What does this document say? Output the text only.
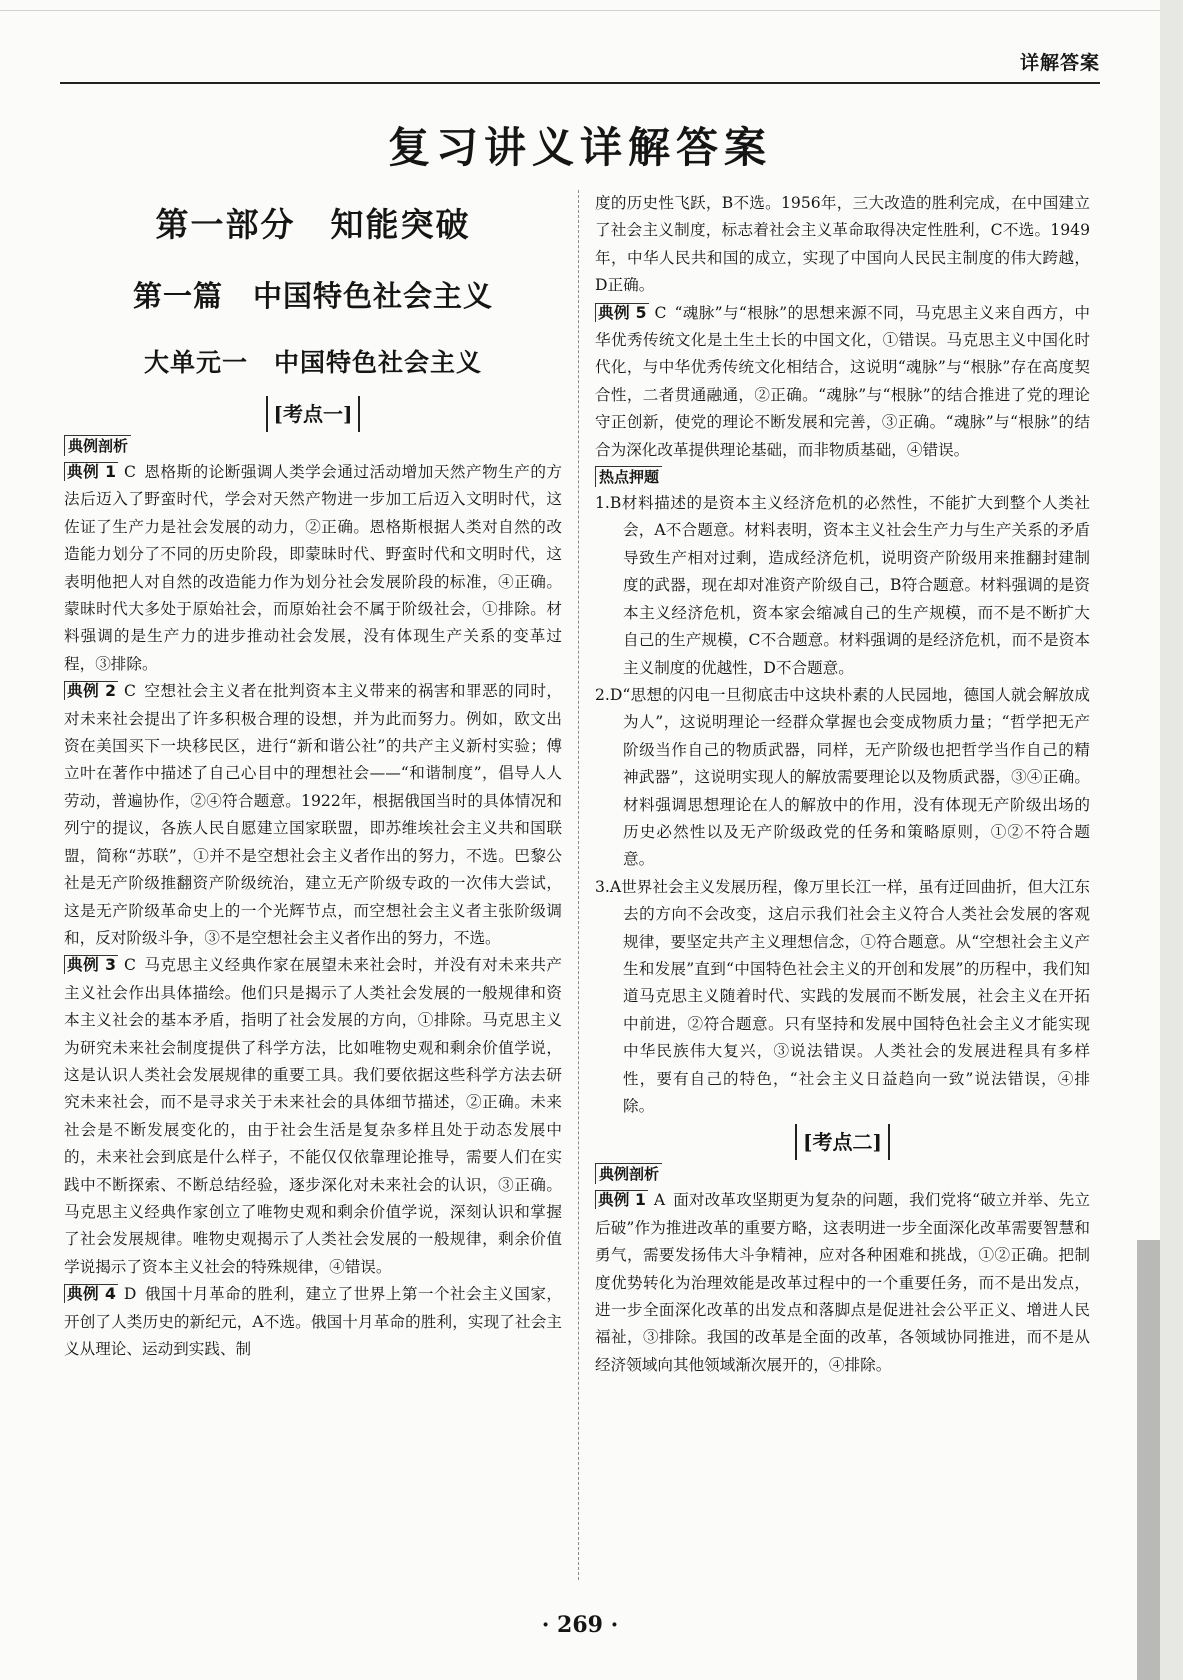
详解答案
复习讲义详解答案
第一部分　知能突破
第一篇　中国特色社会主义
大单元一　中国特色社会主义
[考点一]
典例剖析

典例 1 C 恩格斯的论断强调人类学会通过活动增加天然产物生产的方法后迈入了野蛮时代，学会对天然产物进一步加工后迈入文明时代，这佐证了生产力是社会发展的动力，②正确。恩格斯根据人类对自然的改造能力划分了不同的历史阶段，即蒙昧时代、野蛮时代和文明时代，这表明他把人对自然的改造能力作为划分社会发展阶段的标准，④正确。蒙昧时代大多处于原始社会，而原始社会不属于阶级社会，①排除。材料强调的是生产力的进步推动社会发展，没有体现生产关系的变革过程，③排除。

典例 2 C 空想社会主义者在批判资本主义带来的祸害和罪恶的同时，对未来社会提出了许多积极合理的设想，并为此而努力。例如，欧文出资在美国买下一块移民区，进行“新和谐公社”的共产主义新村实验；傅立叶在著作中描述了自己心目中的理想社会——“和谐制度”，倡导人人劳动，普遍协作，②④符合题意。1922年，根据俄国当时的具体情况和列宁的提议，各族人民自愿建立国家联盟，即苏维埃社会主义共和国联盟，简称“苏联”，①并不是空想社会主义者作出的努力，不选。巴黎公社是无产阶级推翻资产阶级统治，建立无产阶级专政的一次伟大尝试，这是无产阶级革命史上的一个光辉节点，而空想社会主义者主张阶级调和，反对阶级斗争，③不是空想社会主义者作出的努力，不选。

典例 3 C 马克思主义经典作家在展望未来社会时，并没有对未来共产主义社会作出具体描绘。他们只是揭示了人类社会发展的一般规律和资本主义社会的基本矛盾，指明了社会发展的方向，①排除。马克思主义为研究未来社会制度提供了科学方法，比如唯物史观和剩余价值学说，这是认识人类社会发展规律的重要工具。我们要依据这些科学方法去研究未来社会，而不是寻求关于未来社会的具体细节描述，②正确。未来社会是不断发展变化的，由于社会生活是复杂多样且处于动态发展中的，未来社会到底是什么样子，不能仅仅依靠理论推导，需要人们在实践中不断探索、不断总结经验，逐步深化对未来社会的认识，③正确。马克思主义经典作家创立了唯物史观和剩余价值学说，深刻认识和掌握了社会发展规律。唯物史观揭示了人类社会发展的一般规律，剩余价值学说揭示了资本主义社会的特殊规律，④错误。

典例 4 D 俄国十月革命的胜利，建立了世界上第一个社会主义国家，开创了人类历史的新纪元，A不选。俄国十月革命的胜利，实现了社会主义从理论、运动到实践、制

度的历史性飞跃，B不选。1956年，三大改造的胜利完成，在中国建立了社会主义制度，标志着社会主义革命取得决定性胜利，C不选。1949年，中华人民共和国的成立，实现了中国向人民民主制度的伟大跨越，D正确。

典例 5 C “魂脉”与“根脉”的思想来源不同，马克思主义来自西方，中华优秀传统文化是土生土长的中国文化，①错误。马克思主义中国化时代化，与中华优秀传统文化相结合，这说明“魂脉”与“根脉”存在高度契合性，二者贯通融通，②正确。“魂脉”与“根脉”的结合推进了党的理论守正创新，使党的理论不断发展和完善，③正确。“魂脉”与“根脉”的结合为深化改革提供理论基础，而非物质基础，④错误。

热点押题

1.B材料描述的是资本主义经济危机的必然性，不能扩大到整个人类社会，A不合题意。材料表明，资本主义社会生产力与生产关系的矛盾导致生产相对过剩，造成经济危机，说明资产阶级用来推翻封建制度的武器，现在却对准资产阶级自己，B符合题意。材料强调的是资本主义经济危机，资本家会缩减自己的生产规模，而不是不断扩大自己的生产规模，C不合题意。材料强调的是经济危机，而不是资本主义制度的优越性，D不合题意。

2.D“思想的闪电一旦彻底击中这块朴素的人民园地，德国人就会解放成为人”，这说明理论一经群众掌握也会变成物质力量；“哲学把无产阶级当作自己的物质武器，同样，无产阶级也把哲学当作自己的精神武器”，这说明实现人的解放需要理论以及物质武器，③④正确。材料强调思想理论在人的解放中的作用，没有体现无产阶级出场的历史必然性以及无产阶级政党的任务和策略原则，①②不符合题意。

3.A世界社会主义发展历程，像万里长江一样，虽有迂回曲折，但大江东去的方向不会改变，这启示我们社会主义符合人类社会发展的客观规律，要坚定共产主义理想信念，①符合题意。从“空想社会主义产生和发展”直到“中国特色社会主义的开创和发展”的历程中，我们知道马克思主义随着时代、实践的发展而不断发展，社会主义在开拓中前进，②符合题意。只有坚持和发展中国特色社会主义才能实现中华民族伟大复兴，③说法错误。人类社会的发展进程具有多样性，要有自己的特色，“社会主义日益趋向一致”说法错误，④排除。

[考点二]
典例剖析

典例 1 A 面对改革攻坚期更为复杂的问题，我们党将“破立并举、先立后破”作为推进改革的重要方略，这表明进一步全面深化改革需要智慧和勇气，需要发扬伟大斗争精神，应对各种困难和挑战，①②正确。把制度优势转化为治理效能是改革过程中的一个重要任务，而不是出发点，进一步全面深化改革的出发点和落脚点是促进社会公平正义、增进人民福祉，③排除。我国的改革是全面的改革，各领域协同推进，而不是从经济领域向其他领域渐次展开的，④排除。

· 269 ·
